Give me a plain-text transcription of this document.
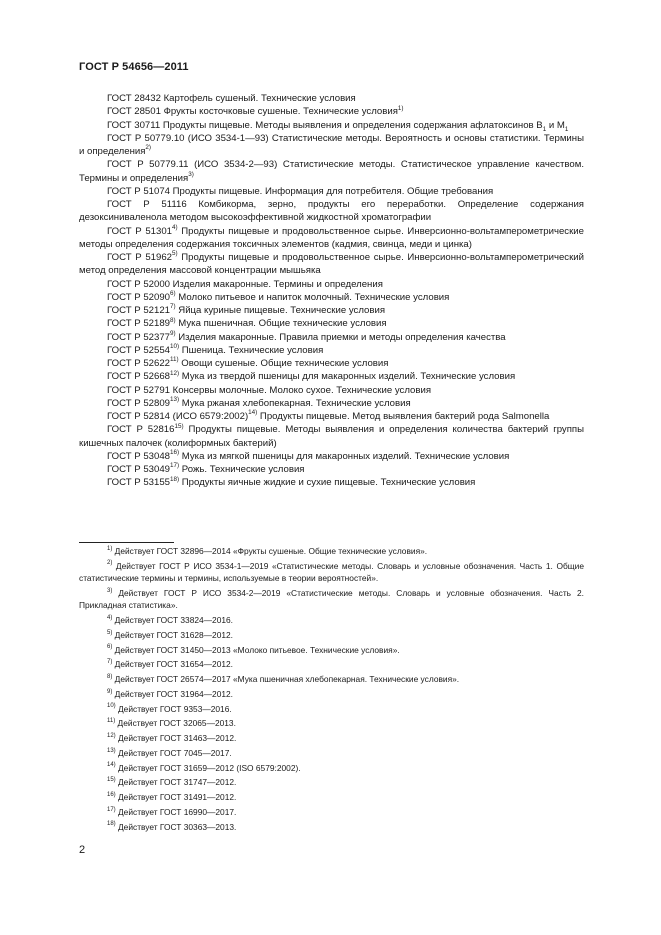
ГОСТ Р 54656—2011

ГОСТ 28432 Картофель сушеный. Технические условия

ГОСТ 28501 Фрукты косточковые сушеные. Технические условия$^{1)}$

ГОСТ 30711 Продукты пищевые. Методы выявления и определения содержания афлатоксинов $B_1$ и $M_1$

ГОСТ Р 50779.10 (ИСО 3534-1—93) Статистические методы. Вероятность и основы статистики. Термины и определения$^{2)}$

ГОСТ Р 50779.11 (ИСО 3534-2—93) Статистические методы. Статистическое управление качеством. Термины и определения$^{3)}$

ГОСТ Р 51074 Продукты пищевые. Информация для потребителя. Общие требования

ГОСТ Р 51116 Комбикорма, зерно, продукты его переработки. Определение содержания дезоксиниваленола методом высокоэффективной жидкостной хроматографии

ГОСТ Р 51301$^{4)}$ Продукты пищевые и продовольственное сырье. Инверсионно-вольтамперометрические методы определения содержания токсичных элементов (кадмия, свинца, меди и цинка)

ГОСТ Р 51962$^{5)}$ Продукты пищевые и продовольственное сырье. Инверсионно-вольтамперометрический метод определения массовой концентрации мышьяка

ГОСТ Р 52000 Изделия макаронные. Термины и определения

ГОСТ Р 52090$^{6)}$ Молоко питьевое и напиток молочный. Технические условия

ГОСТ Р 52121$^{7)}$ Яйца куриные пищевые. Технические условия

ГОСТ Р 52189$^{8)}$ Мука пшеничная. Общие технические условия

ГОСТ Р 52377$^{9)}$ Изделия макаронные. Правила приемки и методы определения качества

ГОСТ Р 52554$^{10)}$ Пшеница. Технические условия

ГОСТ Р 52622$^{11)}$ Овощи сушеные. Общие технические условия

ГОСТ Р 52668$^{12)}$ Мука из твердой пшеницы для макаронных изделий. Технические условия

ГОСТ Р 52791 Консервы молочные. Молоко сухое. Технические условия

ГОСТ Р 52809$^{13)}$ Мука ржаная хлебопекарная. Технические условия

ГОСТ Р 52814 (ИСО 6579:2002)$^{14)}$ Продукты пищевые. Метод выявления бактерий рода Salmonella

ГОСТ Р 52816$^{15)}$ Продукты пищевые. Методы выявления и определения количества бактерий группы кишечных палочек (колиформных бактерий)

ГОСТ Р 53048$^{16)}$ Мука из мягкой пшеницы для макаронных изделий. Технические условия

ГОСТ Р 53049$^{17)}$ Рожь. Технические условия

ГОСТ Р 53155$^{18)}$ Продукты яичные жидкие и сухие пищевые. Технические условия

$^{1)}$ Действует ГОСТ 32896—2014 «Фрукты сушеные. Общие технические условия».

$^{2)}$ Действует ГОСТ Р ИСО 3534-1—2019 «Статистические методы. Словарь и условные обозначения. Часть 1. Общие статистические термины и термины, используемые в теории вероятностей».

$^{3)}$ Действует ГОСТ Р ИСО 3534-2—2019 «Статистические методы. Словарь и условные обозначения. Часть 2. Прикладная статистика».

$^{4)}$ Действует ГОСТ 33824—2016.

$^{5)}$ Действует ГОСТ 31628—2012.

$^{6)}$ Действует ГОСТ 31450—2013 «Молоко питьевое. Технические условия».

$^{7)}$ Действует ГОСТ 31654—2012.

$^{8)}$ Действует ГОСТ 26574—2017 «Мука пшеничная хлебопекарная. Технические условия».

$^{9)}$ Действует ГОСТ 31964—2012.

$^{10)}$ Действует ГОСТ 9353—2016.

$^{11)}$ Действует ГОСТ 32065—2013.

$^{12)}$ Действует ГОСТ 31463—2012.

$^{13)}$ Действует ГОСТ 7045—2017.

$^{14)}$ Действует ГОСТ 31659—2012 (ISO 6579:2002).

$^{15)}$ Действует ГОСТ 31747—2012.

$^{16)}$ Действует ГОСТ 31491—2012.

$^{17)}$ Действует ГОСТ 16990—2017.

$^{18)}$ Действует ГОСТ 30363—2013.

2
